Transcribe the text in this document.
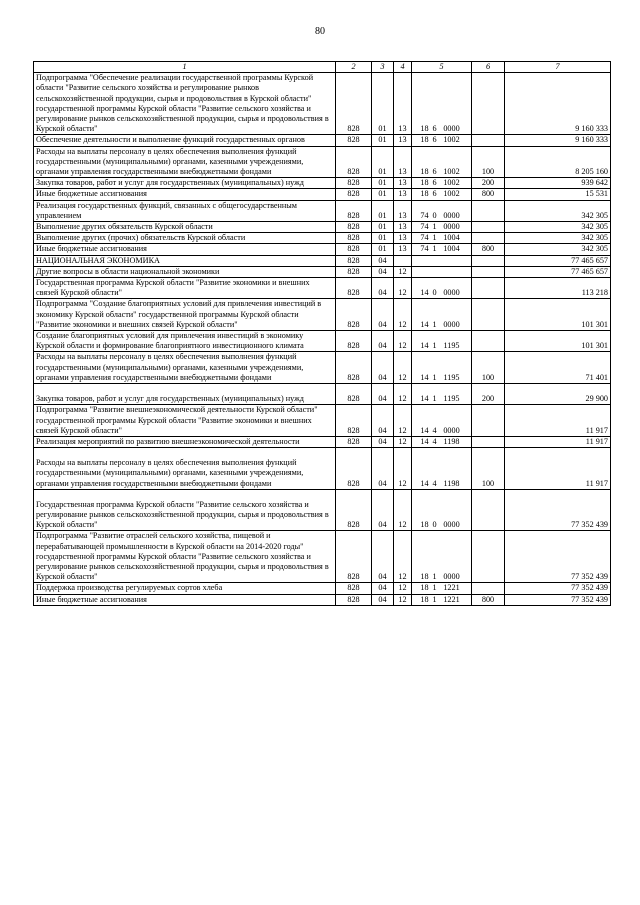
80
1	2	3	4	5	6	7
Подпрограмма "Обеспечение реализации государственной программы Курской области "Развитие сельского хозяйства и регулирование рынков сельскохозяйственной продукции, сырья и продовольствия в Курской области" государственной программы Курской области "Развитие сельского хозяйства и регулирование рынков сельскохозяйственной продукции, сырья и продовольствия в Курской области"	828	01	13	18 6 0000		9 160 333
Обеспечение деятельности и выполнение функций государственных органов	828	01	13	18 6 1002		9 160 333
Расходы на выплаты персоналу в целях обеспечения выполнения функций государственными (муниципальными) органами, казенными учреждениями, органами управления государственными внебюджетными фондами	828	01	13	18 6 1002	100	8 205 160
Закупка товаров, работ и услуг для государственных (муниципальных) нужд	828	01	13	18 6 1002	200	939 642
Иные бюджетные ассигнования	828	01	13	18 6 1002	800	15 531
Реализация государственных функций, связанных с общегосударственным управлением	828	01	13	74 0 0000		342 305
Выполнение других обязательств Курской области	828	01	13	74 1 0000		342 305
Выполнение других (прочих) обязательств Курской области	828	01	13	74 1 1004		342 305
Иные бюджетные ассигнования	828	01	13	74 1 1004	800	342 305
НАЦИОНАЛЬНАЯ ЭКОНОМИКА	828	04				77 465 657
Другие вопросы в области национальной экономики	828	04	12			77 465 657
Государственная программа Курской области "Развитие экономики и внешних связей Курской области"	828	04	12	14 0 0000		113 218
Подпрограмма "Создание благоприятных условий для привлечения инвестиций в экономику Курской области" государственной программы Курской области "Развитие экономики и внешних связей Курской области"	828	04	12	14 1 0000		101 301
Создание благоприятных условий для привлечения инвестиций в экономику Курской области и формирование благоприятного инвестиционного климата	828	04	12	14 1 1195		101 301
Расходы на выплаты персоналу в целях обеспечения выполнения функций государственными (муниципальными) органами, казенными учреждениями, органами управления государственными внебюджетными фондами	828	04	12	14 1 1195	100	71 401
Закупка товаров, работ и услуг для государственных (муниципальных) нужд	828	04	12	14 1 1195	200	29 900
Подпрограмма "Развитие внешнеэкономической деятельности Курской области" государственной программы Курской области "Развитие экономики и внешних связей Курской области"	828	04	12	14 4 0000		11 917
Реализация мероприятий по развитию внешнеэкономической деятельности	828	04	12	14 4 1198		11 917
Расходы на выплаты персоналу в целях обеспечения выполнения функций государственными (муниципальными) органами, казенными учреждениями, органами управления государственными внебюджетными фондами	828	04	12	14 4 1198	100	11 917
Государственная программа Курской области "Развитие сельского хозяйства и регулирование рынков сельскохозяйственной продукции, сырья и продовольствия в Курской области"	828	04	12	18 0 0000		77 352 439
Подпрограмма "Развитие отраслей сельского хозяйства, пищевой и перерабатывающей промышленности в Курской области на 2014-2020 годы" государственной программы Курской области "Развитие сельского хозяйства и регулирование рынков сельскохозяйственной продукции, сырья и продовольствия в Курской области"	828	04	12	18 1 0000		77 352 439
Поддержка производства регулируемых сортов хлеба	828	04	12	18 1 1221		77 352 439
Иные бюджетные ассигнования	828	04	12	18 1 1221	800	77 352 439
